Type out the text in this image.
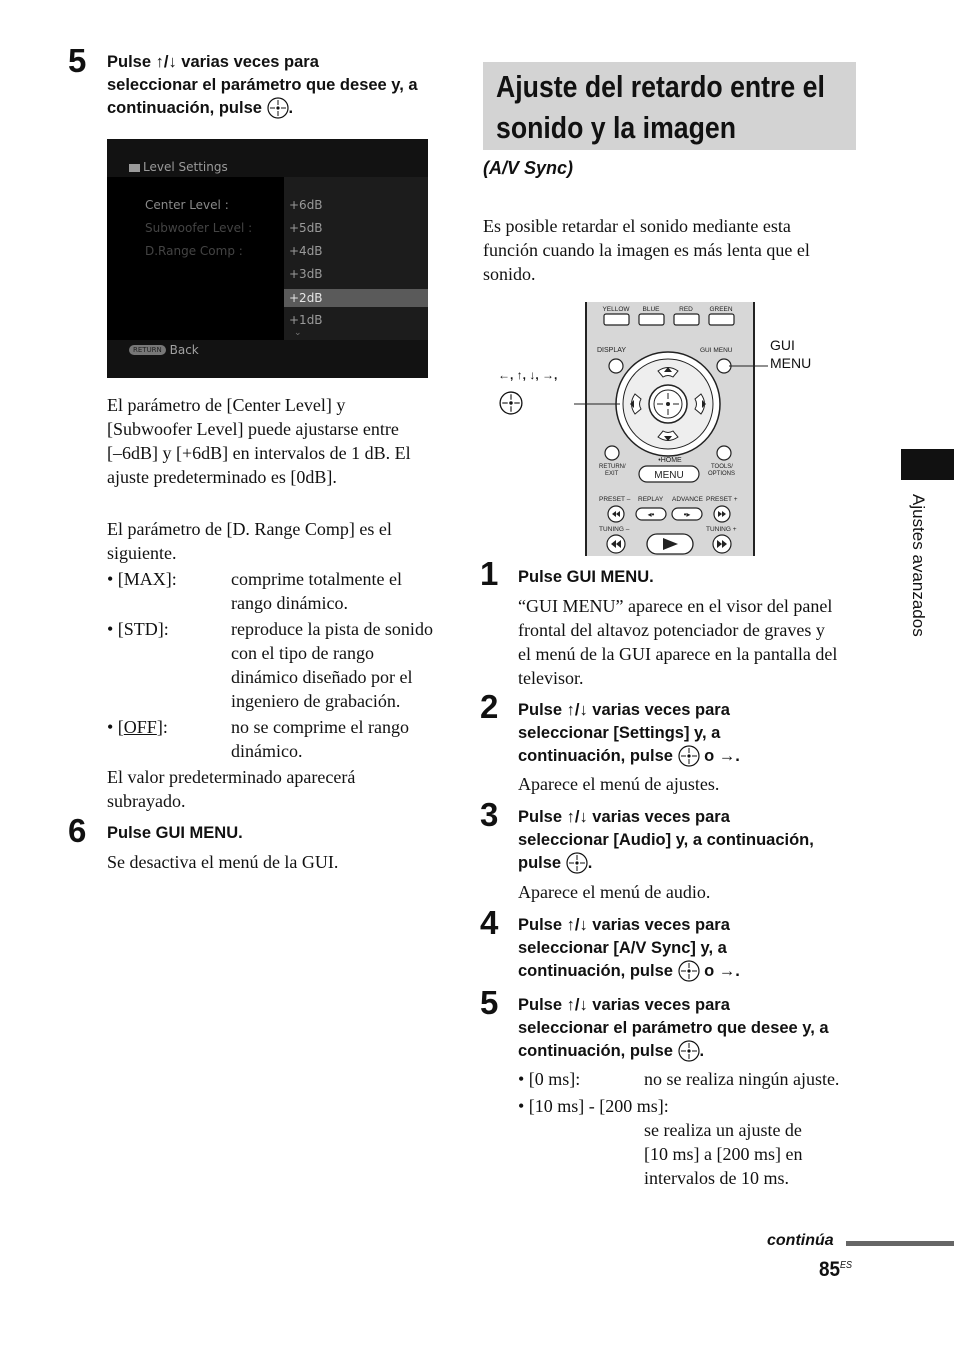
5 Pulse ↑/↓ varias veces para
seleccionar el parámetro que desee y, a
continuación, pulse .
Level Settings
Center Level :
Subwoofer Level :
D.Range Comp :
+6dB
+5dB
+4dB
+3dB
+2dB
+1dB
⌄
RETURN Back
El parámetro de [Center Level] y
[Subwoofer Level] puede ajustarse entre
[–6dB] y [+6dB] en intervalos de 1 dB. El
ajuste predeterminado es [0dB].
El parámetro de [D. Range Comp] es el
siguiente.
• [MAX]:	comprime totalmente el
rango dinámico.
• [STD]:	reproduce la pista de sonido
con el tipo de rango
dinámico diseñado por el
ingeniero de grabación.
• [OFF]:	no se comprime el rango
dinámico.
El valor predeterminado aparecerá
subrayado.
6 Pulse GUI MENU.
Se desactiva el menú de la GUI.
Ajuste del retardo entre el
sonido y la imagen
(A/V Sync)
Es posible retardar el sonido mediante esta
función cuando la imagen es más lenta que el
sonido.
◂•	•▸
YELLOW BLUE	RED	GREEN
DISPLAY	GUI MENU
•HOME
RETURN/
EXIT	MENU
TOOLS/
OPTIONS
PRESET – REPLAY ADVANCE PRESET +
TUNING –	TUNING +
←, ↑, ↓, →,
GUI
MENU
1 Pulse GUI MENU.
“GUI MENU” aparece en el visor del panel
frontal del altavoz potenciador de graves y
el menú de la GUI aparece en la pantalla del
televisor.
2 Pulse ↑/↓ varias veces para
seleccionar [Settings] y, a
continuación, pulse  o →.
Aparece el menú de ajustes.
3 Pulse ↑/↓ varias veces para
seleccionar [Audio] y, a continuación,
pulse .
Aparece el menú de audio.
4 Pulse ↑/↓ varias veces para
seleccionar [A/V Sync] y, a
continuación, pulse  o →.
5 Pulse ↑/↓ varias veces para
seleccionar el parámetro que desee y, a
continuación, pulse .
• [0 ms]:	no se realiza ningún ajuste.
• [10 ms] - [200 ms]:
se realiza un ajuste de
[10 ms] a [200 ms] en
intervalos de 10 ms.
Ajustes avanzados
continúa
$85^{ES}$
